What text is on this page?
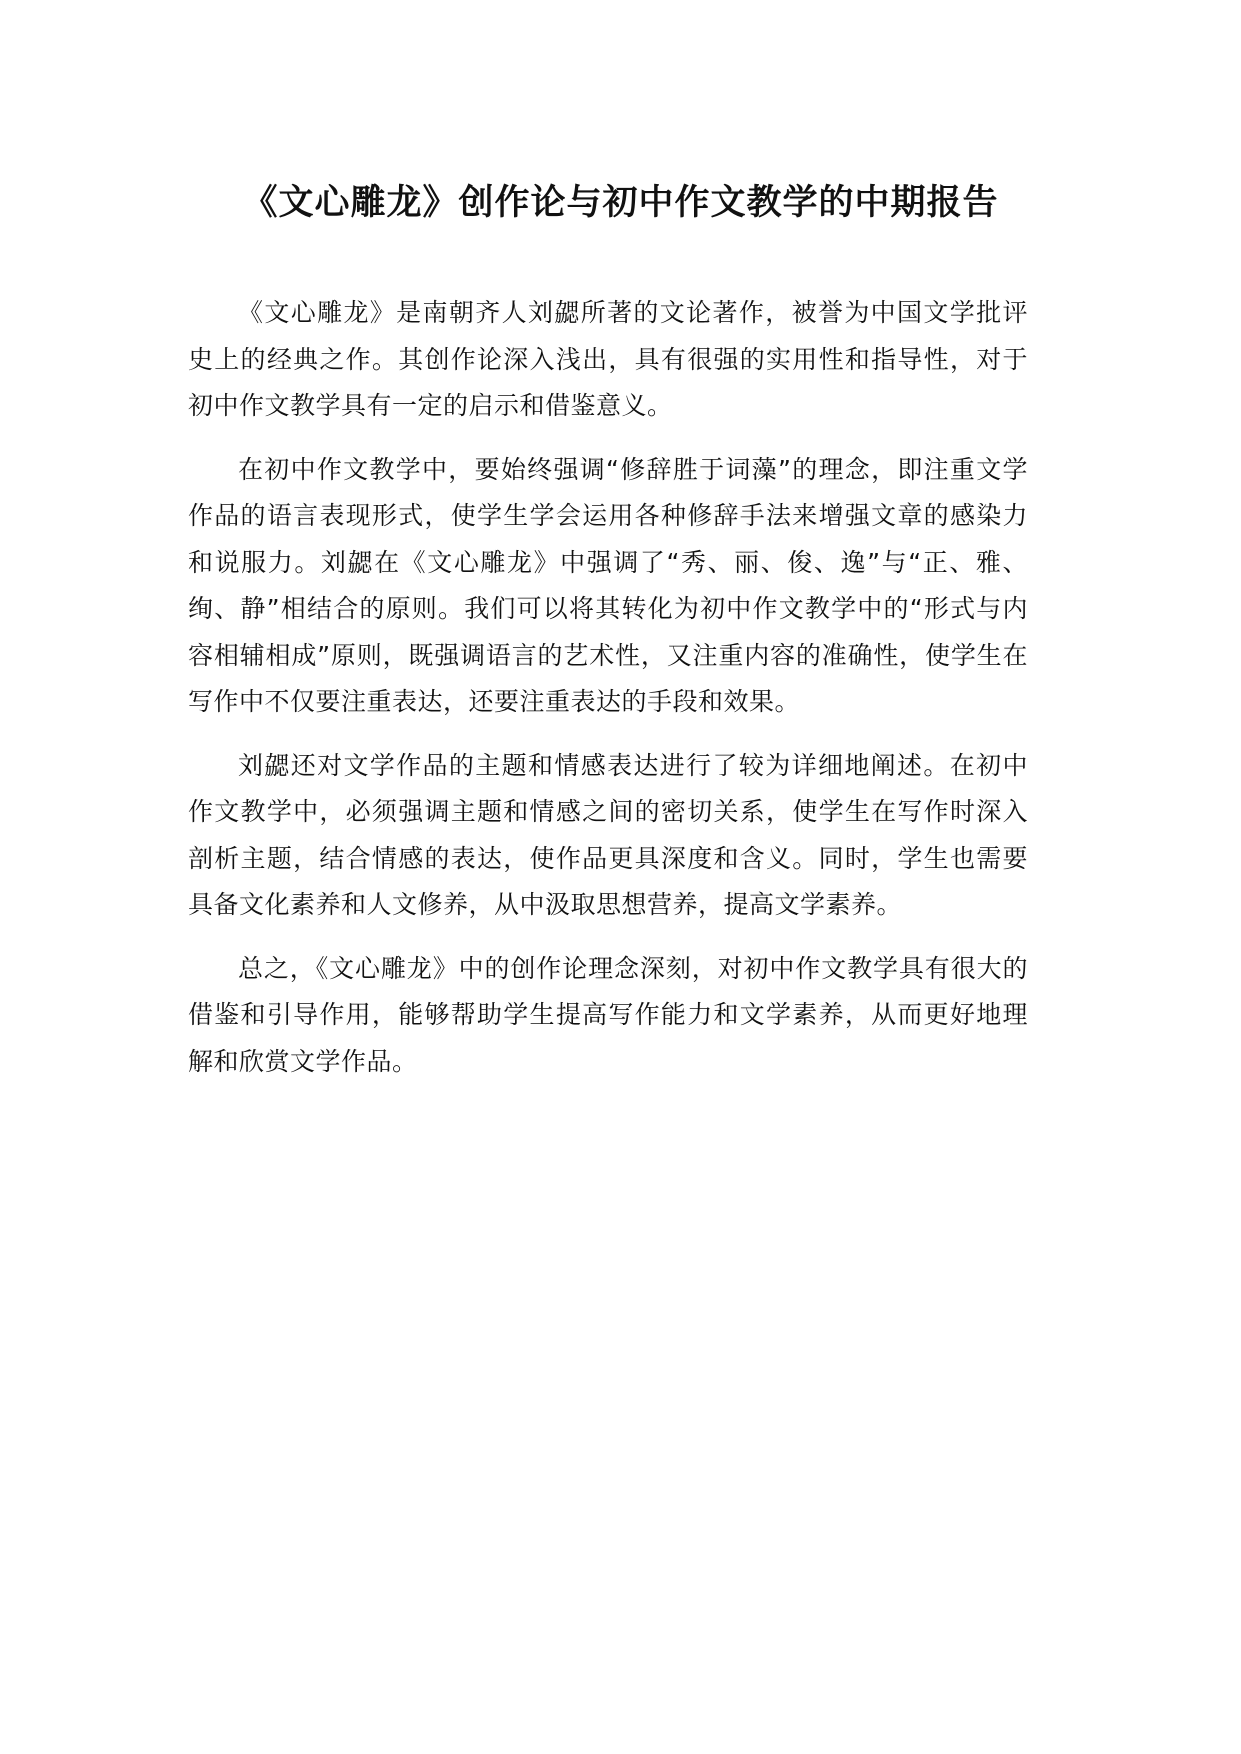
《文心雕龙》创作论与初中作文教学的中期报告

《文心雕龙》是南朝齐人刘勰所著的文论著作，被誉为中国文学批评史上的经典之作。其创作论深入浅出，具有很强的实用性和指导性，对于初中作文教学具有一定的启示和借鉴意义。

在初中作文教学中，要始终强调“修辞胜于词藻”的理念，即注重文学作品的语言表现形式，使学生学会运用各种修辞手法来增强文章的感染力和说服力。刘勰在《文心雕龙》中强调了“秀、丽、俊、逸”与“正、雅、绚、静”相结合的原则。我们可以将其转化为初中作文教学中的“形式与内容相辅相成”原则，既强调语言的艺术性，又注重内容的准确性，使学生在写作中不仅要注重表达，还要注重表达的手段和效果。

刘勰还对文学作品的主题和情感表达进行了较为详细地阐述。在初中作文教学中，必须强调主题和情感之间的密切关系，使学生在写作时深入剖析主题，结合情感的表达，使作品更具深度和含义。同时，学生也需要具备文化素养和人文修养，从中汲取思想营养，提高文学素养。

总之，《文心雕龙》中的创作论理念深刻，对初中作文教学具有很大的借鉴和引导作用，能够帮助学生提高写作能力和文学素养，从而更好地理解和欣赏文学作品。
